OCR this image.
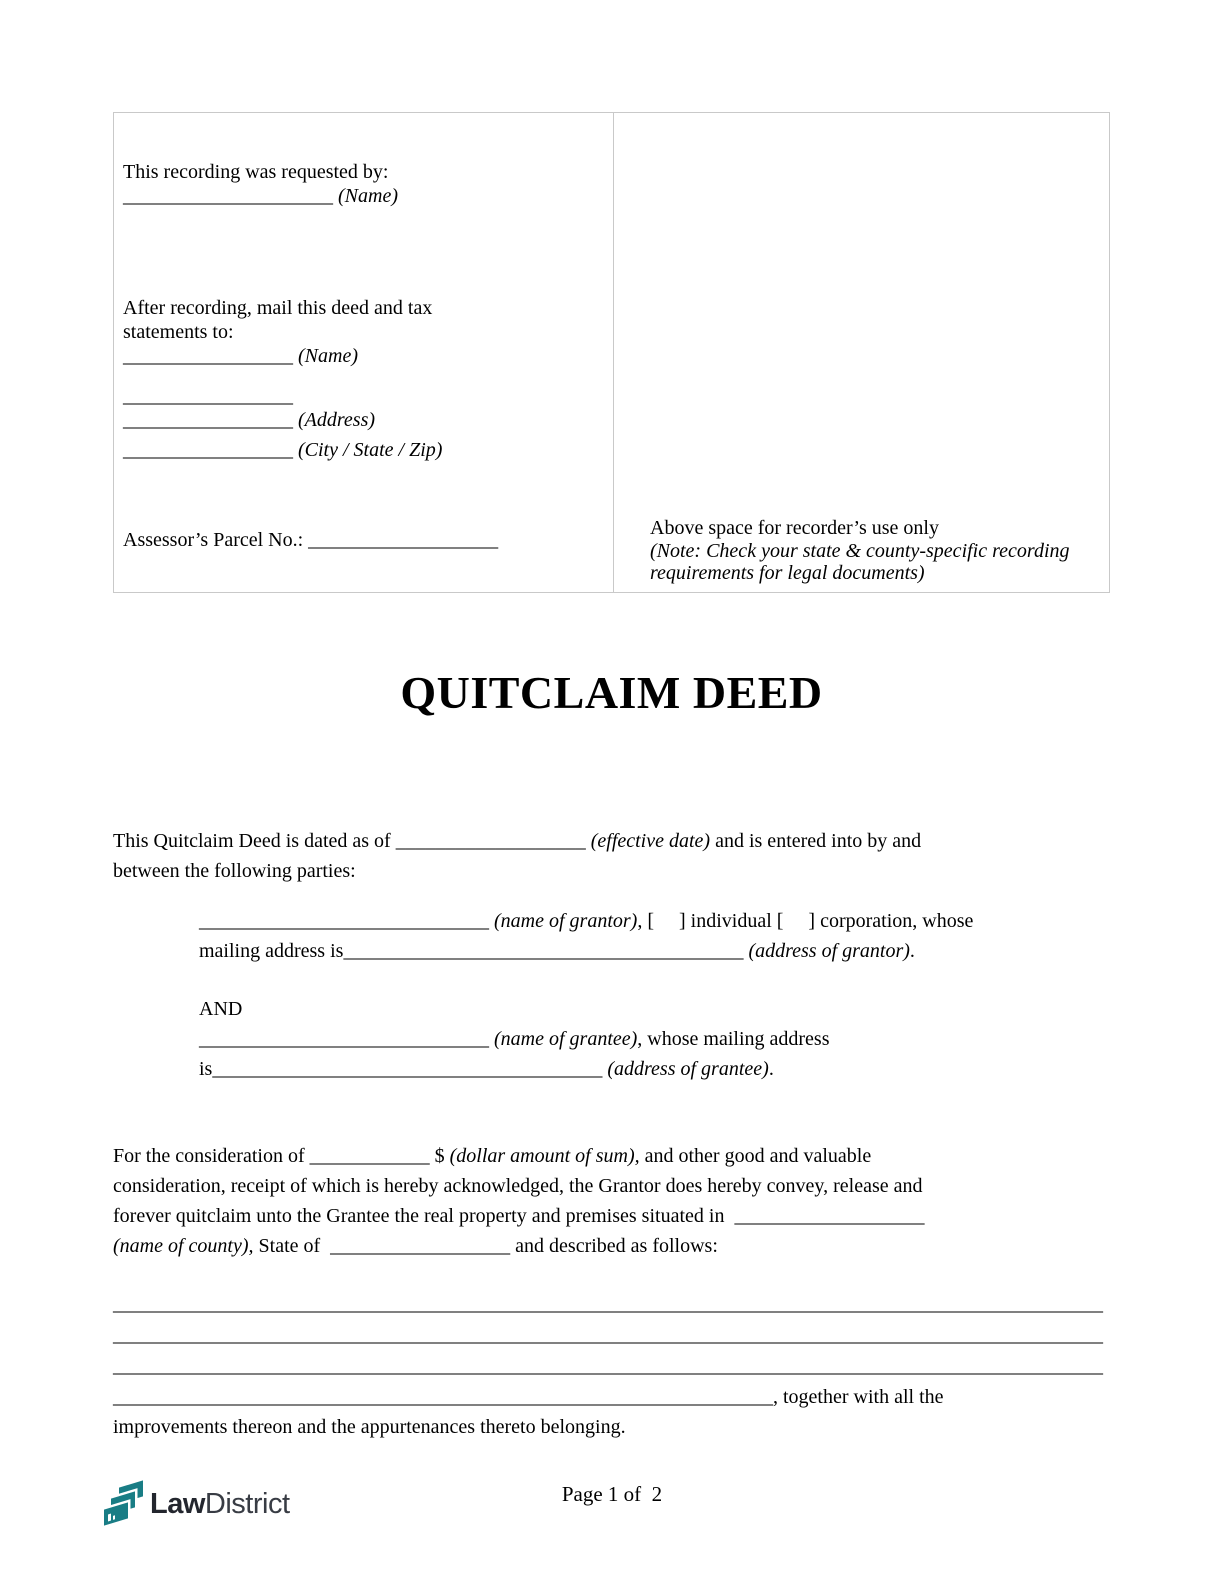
This recording was requested by:
_____________________ (Name)
After recording, mail this deed and tax
statements to:
_________________ (Name)
_________________
_________________ (Address)
_________________ (City / State / Zip)
Assessor’s Parcel No.: ___________________
Above space for recorder’s use only
(Note: Check your state & county-specific recording
requirements for legal documents)
QUITCLAIM DEED
This Quitclaim Deed is dated as of ___________________ (effective date) and is entered into by and
between the following parties:
_____________________________ (name of grantor), [     ] individual [     ] corporation, whose
mailing address is________________________________________ (address of grantor).
AND
_____________________________ (name of grantee), whose mailing address
is_______________________________________ (address of grantee).
For the consideration of ____________ $ (dollar amount of sum), and other good and valuable
consideration, receipt of which is hereby acknowledged, the Grantor does hereby convey, release and
forever quitclaim unto the Grantee the real property and premises situated in  ___________________
(name of county), State of  __________________ and described as follows:
___________________________________________________________________________________________________
___________________________________________________________________________________________________
___________________________________________________________________________________________________
__________________________________________________________________, together with all the
improvements thereon and the appurtenances thereto belonging.
Page 1 of  2
Law District
